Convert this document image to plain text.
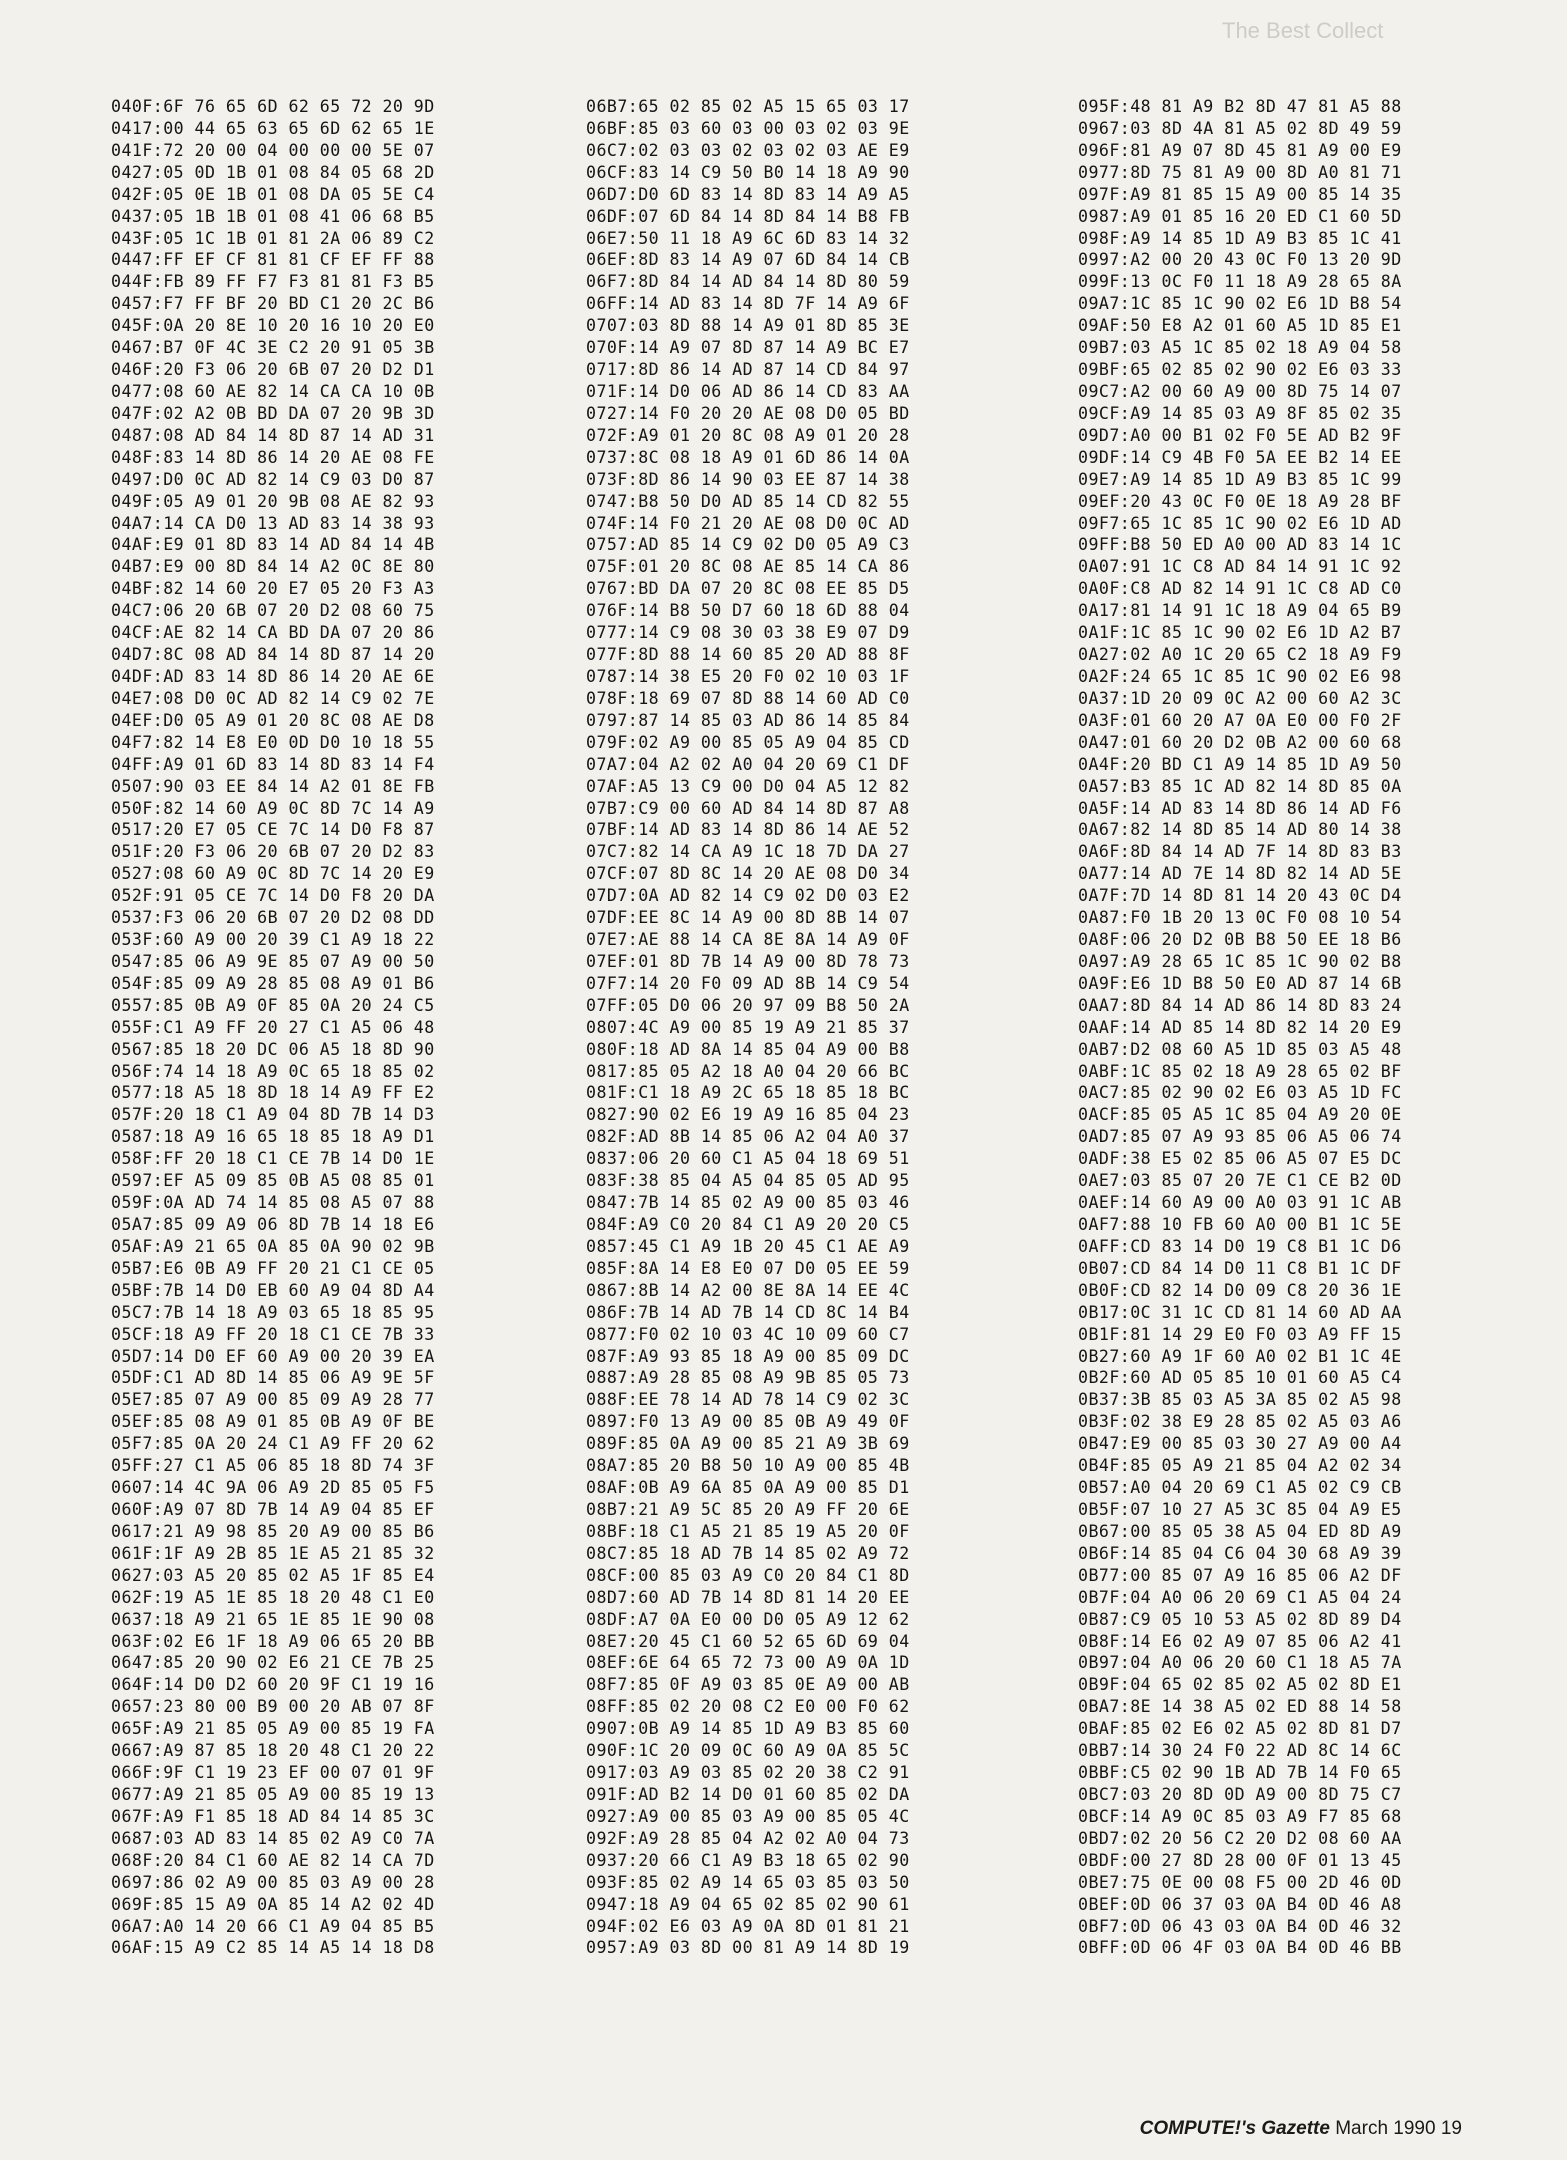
The Best Collect
040F:6F 76 65 6D 62 65 72 20 9D
0417:00 44 65 63 65 6D 62 65 1E
041F:72 20 00 04 00 00 00 5E 07
0427:05 0D 1B 01 08 84 05 68 2D
042F:05 0E 1B 01 08 DA 05 5E C4
0437:05 1B 1B 01 08 41 06 68 B5
043F:05 1C 1B 01 81 2A 06 89 C2
0447:FF EF CF 81 81 CF EF FF 88
044F:FB 89 FF F7 F3 81 81 F3 B5
0457:F7 FF BF 20 BD C1 20 2C B6
045F:0A 20 8E 10 20 16 10 20 E0
0467:B7 0F 4C 3E C2 20 91 05 3B
046F:20 F3 06 20 6B 07 20 D2 D1
0477:08 60 AE 82 14 CA CA 10 0B
047F:02 A2 0B BD DA 07 20 9B 3D
0487:08 AD 84 14 8D 87 14 AD 31
048F:83 14 8D 86 14 20 AE 08 FE
0497:D0 0C AD 82 14 C9 03 D0 87
049F:05 A9 01 20 9B 08 AE 82 93
04A7:14 CA D0 13 AD 83 14 38 93
04AF:E9 01 8D 83 14 AD 84 14 4B
04B7:E9 00 8D 84 14 A2 0C 8E 80
04BF:82 14 60 20 E7 05 20 F3 A3
04C7:06 20 6B 07 20 D2 08 60 75
04CF:AE 82 14 CA BD DA 07 20 86
04D7:8C 08 AD 84 14 8D 87 14 20
04DF:AD 83 14 8D 86 14 20 AE 6E
04E7:08 D0 0C AD 82 14 C9 02 7E
04EF:D0 05 A9 01 20 8C 08 AE D8
04F7:82 14 E8 E0 0D D0 10 18 55
04FF:A9 01 6D 83 14 8D 83 14 F4
0507:90 03 EE 84 14 A2 01 8E FB
050F:82 14 60 A9 0C 8D 7C 14 A9
0517:20 E7 05 CE 7C 14 D0 F8 87
051F:20 F3 06 20 6B 07 20 D2 83
0527:08 60 A9 0C 8D 7C 14 20 E9
052F:91 05 CE 7C 14 D0 F8 20 DA
0537:F3 06 20 6B 07 20 D2 08 DD
053F:60 A9 00 20 39 C1 A9 18 22
0547:85 06 A9 9E 85 07 A9 00 50
054F:85 09 A9 28 85 08 A9 01 B6
0557:85 0B A9 0F 85 0A 20 24 C5
055F:C1 A9 FF 20 27 C1 A5 06 48
0567:85 18 20 DC 06 A5 18 8D 90
056F:74 14 18 A9 0C 65 18 85 02
0577:18 A5 18 8D 18 14 A9 FF E2
057F:20 18 C1 A9 04 8D 7B 14 D3
0587:18 A9 16 65 18 85 18 A9 D1
058F:FF 20 18 C1 CE 7B 14 D0 1E
0597:EF A5 09 85 0B A5 08 85 01
059F:0A AD 74 14 85 08 A5 07 88
05A7:85 09 A9 06 8D 7B 14 18 E6
05AF:A9 21 65 0A 85 0A 90 02 9B
05B7:E6 0B A9 FF 20 21 C1 CE 05
05BF:7B 14 D0 EB 60 A9 04 8D A4
05C7:7B 14 18 A9 03 65 18 85 95
05CF:18 A9 FF 20 18 C1 CE 7B 33
05D7:14 D0 EF 60 A9 00 20 39 EA
05DF:C1 AD 8D 14 85 06 A9 9E 5F
05E7:85 07 A9 00 85 09 A9 28 77
05EF:85 08 A9 01 85 0B A9 0F BE
05F7:85 0A 20 24 C1 A9 FF 20 62
05FF:27 C1 A5 06 85 18 8D 74 3F
0607:14 4C 9A 06 A9 2D 85 05 F5
060F:A9 07 8D 7B 14 A9 04 85 EF
0617:21 A9 98 85 20 A9 00 85 B6
061F:1F A9 2B 85 1E A5 21 85 32
0627:03 A5 20 85 02 A5 1F 85 E4
062F:19 A5 1E 85 18 20 48 C1 E0
0637:18 A9 21 65 1E 85 1E 90 08
063F:02 E6 1F 18 A9 06 65 20 BB
0647:85 20 90 02 E6 21 CE 7B 25
064F:14 D0 D2 60 20 9F C1 19 16
0657:23 80 00 B9 00 20 AB 07 8F
065F:A9 21 85 05 A9 00 85 19 FA
0667:A9 87 85 18 20 48 C1 20 22
066F:9F C1 19 23 EF 00 07 01 9F
0677:A9 21 85 05 A9 00 85 19 13
067F:A9 F1 85 18 AD 84 14 85 3C
0687:03 AD 83 14 85 02 A9 C0 7A
068F:20 84 C1 60 AE 82 14 CA 7D
0697:86 02 A9 00 85 03 A9 00 28
069F:85 15 A9 0A 85 14 A2 02 4D
06A7:A0 14 20 66 C1 A9 04 85 B5
06AF:15 A9 C2 85 14 A5 14 18 D8
06B7:65 02 85 02 A5 15 65 03 17
06BF:85 03 60 03 00 03 02 03 9E
06C7:02 03 03 02 03 02 03 AE E9
06CF:83 14 C9 50 B0 14 18 A9 90
06D7:D0 6D 83 14 8D 83 14 A9 A5
06DF:07 6D 84 14 8D 84 14 B8 FB
06E7:50 11 18 A9 6C 6D 83 14 32
06EF:8D 83 14 A9 07 6D 84 14 CB
06F7:8D 84 14 AD 84 14 8D 80 59
06FF:14 AD 83 14 8D 7F 14 A9 6F
0707:03 8D 88 14 A9 01 8D 85 3E
070F:14 A9 07 8D 87 14 A9 BC E7
0717:8D 86 14 AD 87 14 CD 84 97
071F:14 D0 06 AD 86 14 CD 83 AA
0727:14 F0 20 20 AE 08 D0 05 BD
072F:A9 01 20 8C 08 A9 01 20 28
0737:8C 08 18 A9 01 6D 86 14 0A
073F:8D 86 14 90 03 EE 87 14 38
0747:B8 50 D0 AD 85 14 CD 82 55
074F:14 F0 21 20 AE 08 D0 0C AD
0757:AD 85 14 C9 02 D0 05 A9 C3
075F:01 20 8C 08 AE 85 14 CA 86
0767:BD DA 07 20 8C 08 EE 85 D5
076F:14 B8 50 D7 60 18 6D 88 04
0777:14 C9 08 30 03 38 E9 07 D9
077F:8D 88 14 60 85 20 AD 88 8F
0787:14 38 E5 20 F0 02 10 03 1F
078F:18 69 07 8D 88 14 60 AD C0
0797:87 14 85 03 AD 86 14 85 84
079F:02 A9 00 85 05 A9 04 85 CD
07A7:04 A2 02 A0 04 20 69 C1 DF
07AF:A5 13 C9 00 D0 04 A5 12 82
07B7:C9 00 60 AD 84 14 8D 87 A8
07BF:14 AD 83 14 8D 86 14 AE 52
07C7:82 14 CA A9 1C 18 7D DA 27
07CF:07 8D 8C 14 20 AE 08 D0 34
07D7:0A AD 82 14 C9 02 D0 03 E2
07DF:EE 8C 14 A9 00 8D 8B 14 07
07E7:AE 88 14 CA 8E 8A 14 A9 0F
07EF:01 8D 7B 14 A9 00 8D 78 73
07F7:14 20 F0 09 AD 8B 14 C9 54
07FF:05 D0 06 20 97 09 B8 50 2A
0807:4C A9 00 85 19 A9 21 85 37
080F:18 AD 8A 14 85 04 A9 00 B8
0817:85 05 A2 18 A0 04 20 66 BC
081F:C1 18 A9 2C 65 18 85 18 BC
0827:90 02 E6 19 A9 16 85 04 23
082F:AD 8B 14 85 06 A2 04 A0 37
0837:06 20 60 C1 A5 04 18 69 51
083F:38 85 04 A5 04 85 05 AD 95
0847:7B 14 85 02 A9 00 85 03 46
084F:A9 C0 20 84 C1 A9 20 20 C5
0857:45 C1 A9 1B 20 45 C1 AE A9
085F:8A 14 E8 E0 07 D0 05 EE 59
0867:8B 14 A2 00 8E 8A 14 EE 4C
086F:7B 14 AD 7B 14 CD 8C 14 B4
0877:F0 02 10 03 4C 10 09 60 C7
087F:A9 93 85 18 A9 00 85 09 DC
0887:A9 28 85 08 A9 9B 85 05 73
088F:EE 78 14 AD 78 14 C9 02 3C
0897:F0 13 A9 00 85 0B A9 49 0F
089F:85 0A A9 00 85 21 A9 3B 69
08A7:85 20 B8 50 10 A9 00 85 4B
08AF:0B A9 6A 85 0A A9 00 85 D1
08B7:21 A9 5C 85 20 A9 FF 20 6E
08BF:18 C1 A5 21 85 19 A5 20 0F
08C7:85 18 AD 7B 14 85 02 A9 72
08CF:00 85 03 A9 C0 20 84 C1 8D
08D7:60 AD 7B 14 8D 81 14 20 EE
08DF:A7 0A E0 00 D0 05 A9 12 62
08E7:20 45 C1 60 52 65 6D 69 04
08EF:6E 64 65 72 73 00 A9 0A 1D
08F7:85 0F A9 03 85 0E A9 00 AB
08FF:85 02 20 08 C2 E0 00 F0 62
0907:0B A9 14 85 1D A9 B3 85 60
090F:1C 20 09 0C 60 A9 0A 85 5C
0917:03 A9 03 85 02 20 38 C2 91
091F:AD B2 14 D0 01 60 85 02 DA
0927:A9 00 85 03 A9 00 85 05 4C
092F:A9 28 85 04 A2 02 A0 04 73
0937:20 66 C1 A9 B3 18 65 02 90
093F:85 02 A9 14 65 03 85 03 50
0947:18 A9 04 65 02 85 02 90 61
094F:02 E6 03 A9 0A 8D 01 81 21
0957:A9 03 8D 00 81 A9 14 8D 19
095F:48 81 A9 B2 8D 47 81 A5 88
0967:03 8D 4A 81 A5 02 8D 49 59
096F:81 A9 07 8D 45 81 A9 00 E9
0977:8D 75 81 A9 00 8D A0 81 71
097F:A9 81 85 15 A9 00 85 14 35
0987:A9 01 85 16 20 ED C1 60 5D
098F:A9 14 85 1D A9 B3 85 1C 41
0997:A2 00 20 43 0C F0 13 20 9D
099F:13 0C F0 11 18 A9 28 65 8A
09A7:1C 85 1C 90 02 E6 1D B8 54
09AF:50 E8 A2 01 60 A5 1D 85 E1
09B7:03 A5 1C 85 02 18 A9 04 58
09BF:65 02 85 02 90 02 E6 03 33
09C7:A2 00 60 A9 00 8D 75 14 07
09CF:A9 14 85 03 A9 8F 85 02 35
09D7:A0 00 B1 02 F0 5E AD B2 9F
09DF:14 C9 4B F0 5A EE B2 14 EE
09E7:A9 14 85 1D A9 B3 85 1C 99
09EF:20 43 0C F0 0E 18 A9 28 BF
09F7:65 1C 85 1C 90 02 E6 1D AD
09FF:B8 50 ED A0 00 AD 83 14 1C
0A07:91 1C C8 AD 84 14 91 1C 92
0A0F:C8 AD 82 14 91 1C C8 AD C0
0A17:81 14 91 1C 18 A9 04 65 B9
0A1F:1C 85 1C 90 02 E6 1D A2 B7
0A27:02 A0 1C 20 65 C2 18 A9 F9
0A2F:24 65 1C 85 1C 90 02 E6 98
0A37:1D 20 09 0C A2 00 60 A2 3C
0A3F:01 60 20 A7 0A E0 00 F0 2F
0A47:01 60 20 D2 0B A2 00 60 68
0A4F:20 BD C1 A9 14 85 1D A9 50
0A57:B3 85 1C AD 82 14 8D 85 0A
0A5F:14 AD 83 14 8D 86 14 AD F6
0A67:82 14 8D 85 14 AD 80 14 38
0A6F:8D 84 14 AD 7F 14 8D 83 B3
0A77:14 AD 7E 14 8D 82 14 AD 5E
0A7F:7D 14 8D 81 14 20 43 0C D4
0A87:F0 1B 20 13 0C F0 08 10 54
0A8F:06 20 D2 0B B8 50 EE 18 B6
0A97:A9 28 65 1C 85 1C 90 02 B8
0A9F:E6 1D B8 50 E0 AD 87 14 6B
0AA7:8D 84 14 AD 86 14 8D 83 24
0AAF:14 AD 85 14 8D 82 14 20 E9
0AB7:D2 08 60 A5 1D 85 03 A5 48
0ABF:1C 85 02 18 A9 28 65 02 BF
0AC7:85 02 90 02 E6 03 A5 1D FC
0ACF:85 05 A5 1C 85 04 A9 20 0E
0AD7:85 07 A9 93 85 06 A5 06 74
0ADF:38 E5 02 85 06 A5 07 E5 DC
0AE7:03 85 07 20 7E C1 CE B2 0D
0AEF:14 60 A9 00 A0 03 91 1C AB
0AF7:88 10 FB 60 A0 00 B1 1C 5E
0AFF:CD 83 14 D0 19 C8 B1 1C D6
0B07:CD 84 14 D0 11 C8 B1 1C DF
0B0F:CD 82 14 D0 09 C8 20 36 1E
0B17:0C 31 1C CD 81 14 60 AD AA
0B1F:81 14 29 E0 F0 03 A9 FF 15
0B27:60 A9 1F 60 A0 02 B1 1C 4E
0B2F:60 AD 05 85 10 01 60 A5 C4
0B37:3B 85 03 A5 3A 85 02 A5 98
0B3F:02 38 E9 28 85 02 A5 03 A6
0B47:E9 00 85 03 30 27 A9 00 A4
0B4F:85 05 A9 21 85 04 A2 02 34
0B57:A0 04 20 69 C1 A5 02 C9 CB
0B5F:07 10 27 A5 3C 85 04 A9 E5
0B67:00 85 05 38 A5 04 ED 8D A9
0B6F:14 85 04 C6 04 30 68 A9 39
0B77:00 85 07 A9 16 85 06 A2 DF
0B7F:04 A0 06 20 69 C1 A5 04 24
0B87:C9 05 10 53 A5 02 8D 89 D4
0B8F:14 E6 02 A9 07 85 06 A2 41
0B97:04 A0 06 20 60 C1 18 A5 7A
0B9F:04 65 02 85 02 A5 02 8D E1
0BA7:8E 14 38 A5 02 ED 88 14 58
0BAF:85 02 E6 02 A5 02 8D 81 D7
0BB7:14 30 24 F0 22 AD 8C 14 6C
0BBF:C5 02 90 1B AD 7B 14 F0 65
0BC7:03 20 8D 0D A9 00 8D 75 C7
0BCF:14 A9 0C 85 03 A9 F7 85 68
0BD7:02 20 56 C2 20 D2 08 60 AA
0BDF:00 27 8D 28 00 0F 01 13 45
0BE7:75 0E 00 08 F5 00 2D 46 0D
0BEF:0D 06 37 03 0A B4 0D 46 A8
0BF7:0D 06 43 03 0A B4 0D 46 32
0BFF:0D 06 4F 03 0A B4 0D 46 BB
COMPUTE!'s Gazette March 1990 19
